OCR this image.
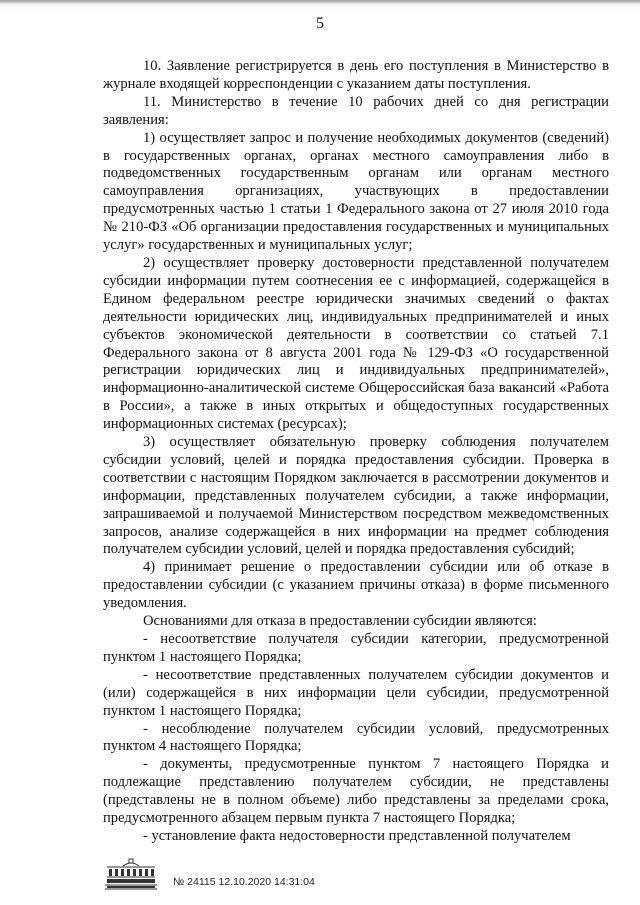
5

10. Заявление регистрируется в день его поступления в Министерство в журнале входящей корреспонденции с указанием даты поступления.

11. Министерство в течение 10 рабочих дней со дня регистрации заявления:

1) осуществляет запрос и получение необходимых документов (сведений) в государственных органах, органах местного самоуправления либо в подведомственных государственным органам или органам местного самоуправления организациях, участвующих в предоставлении предусмотренных частью 1 статьи 1 Федерального закона от 27 июля 2010 года № 210-ФЗ «Об организации предоставления государственных и муниципальных услуг» государственных и муниципальных услуг;

2) осуществляет проверку достоверности представленной получателем субсидии информации путем соотнесения ее с информацией, содержащейся в Едином федеральном реестре юридически значимых сведений о фактах деятельности юридических лиц, индивидуальных предпринимателей и иных субъектов экономической деятельности в соответствии со статьей 7.1 Федерального закона от 8 августа 2001 года № 129-ФЗ «О государственной регистрации юридических лиц и индивидуальных предпринимателей», информационно-аналитической системе Общероссийская база вакансий «Работа в России», а также в иных открытых и общедоступных государственных информационных системах (ресурсах);

3) осуществляет обязательную проверку соблюдения получателем субсидии условий, целей и порядка предоставления субсидии. Проверка в соответствии с настоящим Порядком заключается в рассмотрении документов и информации, представленных получателем субсидии, а также информации, запрашиваемой и получаемой Министерством посредством межведомственных запросов, анализе содержащейся в них информации на предмет соблюдения получателем субсидии условий, целей и порядка предоставления субсидий;

4) принимает решение о предоставлении субсидии или об отказе в предоставлении субсидии (с указанием причины отказа) в форме письменного уведомления.

Основаниями для отказа в предоставлении субсидии являются:

- несоответствие получателя субсидии категории, предусмотренной пунктом 1 настоящего Порядка;

- несоответствие представленных получателем субсидии документов и (или) содержащейся в них информации цели субсидии, предусмотренной пунктом 1 настоящего Порядка;

- несоблюдение получателем субсидии условий, предусмотренных пунктом 4 настоящего Порядка;

- документы, предусмотренные пунктом 7 настоящего Порядка и подлежащие представлению получателем субсидии, не представлены (представлены не в полном объеме) либо представлены за пределами срока, предусмотренного абзацем первым пункта 7 настоящего Порядка;

- установление факта недостоверности представленной получателем

№ 24115 12.10.2020 14:31:04
